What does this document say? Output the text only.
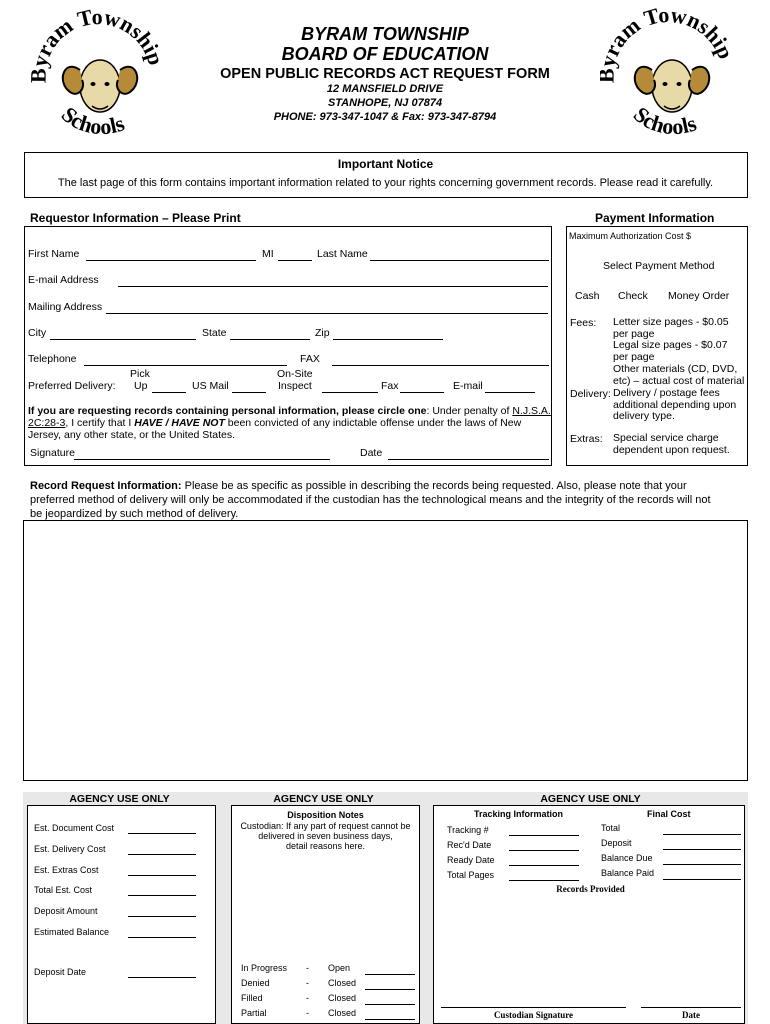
Byram Township
Schools
ram Township
Schools
BYRAM TOWNSHIP
BOARD OF EDUCATION
OPEN PUBLIC RECORDS ACT REQUEST FORM
12 MANSFIELD DRIVE
STANHOPE, NJ 07874
PHONE: 973-347-1047 & Fax: 973-347-8794
Important Notice
The last page of this form contains important information related to your rights concerning government records. Please read it carefully.
Requestor Information – Please Print
First Name	MI	Last Name
E-mail Address
Mailing Address
City	State	Zip
Telephone	FAX
Pick	On-Site
Preferred Delivery: Up	US Mail	Inspect	Fax	E-mail
If you are requesting records containing personal information, please circle one: Under penalty of N.J.S.A.
2C:28-3, I certify that I HAVE / HAVE NOT been convicted of any indictable offense under the laws of New
Jersey, any other state, or the United States.
Signature	Date
Payment Information
Maximum Authorization Cost $
Select Payment Method
Cash Check Money Order
Fees: Letter size pages - $0.05
per page
Legal size pages - $0.07
per page
Other materials (CD, DVD,
etc) – actual cost of material
Delivery: Delivery / postage fees
additional depending upon
delivery type.
Extras: Special service charge
dependent upon request.
Record Request Information: Please be as specific as possible in describing the records being requested. Also, please note that your
preferred method of delivery will only be accommodated if the custodian has the technological means and the integrity of the records will not
be jeopardized by such method of delivery.
AGENCY USE ONLY
Est. Document Cost
Est. Delivery Cost
Est. Extras Cost
Total Est. Cost
Deposit Amount
Estimated Balance
Deposit Date
AGENCY USE ONLY
Disposition Notes
Custodian: If any part of request cannot be
delivered in seven business days,
detail reasons here.
In Progress - Open
Denied	- Closed
Filled	- Closed
Partial	- Closed
AGENCY USE ONLY
Tracking Information	Final Cost
Tracking #
Rec'd Date
Ready Date
Total Pages
Total
Deposit
Balance Due
Balance Paid
Records Provided
Custodian Signature	Date
